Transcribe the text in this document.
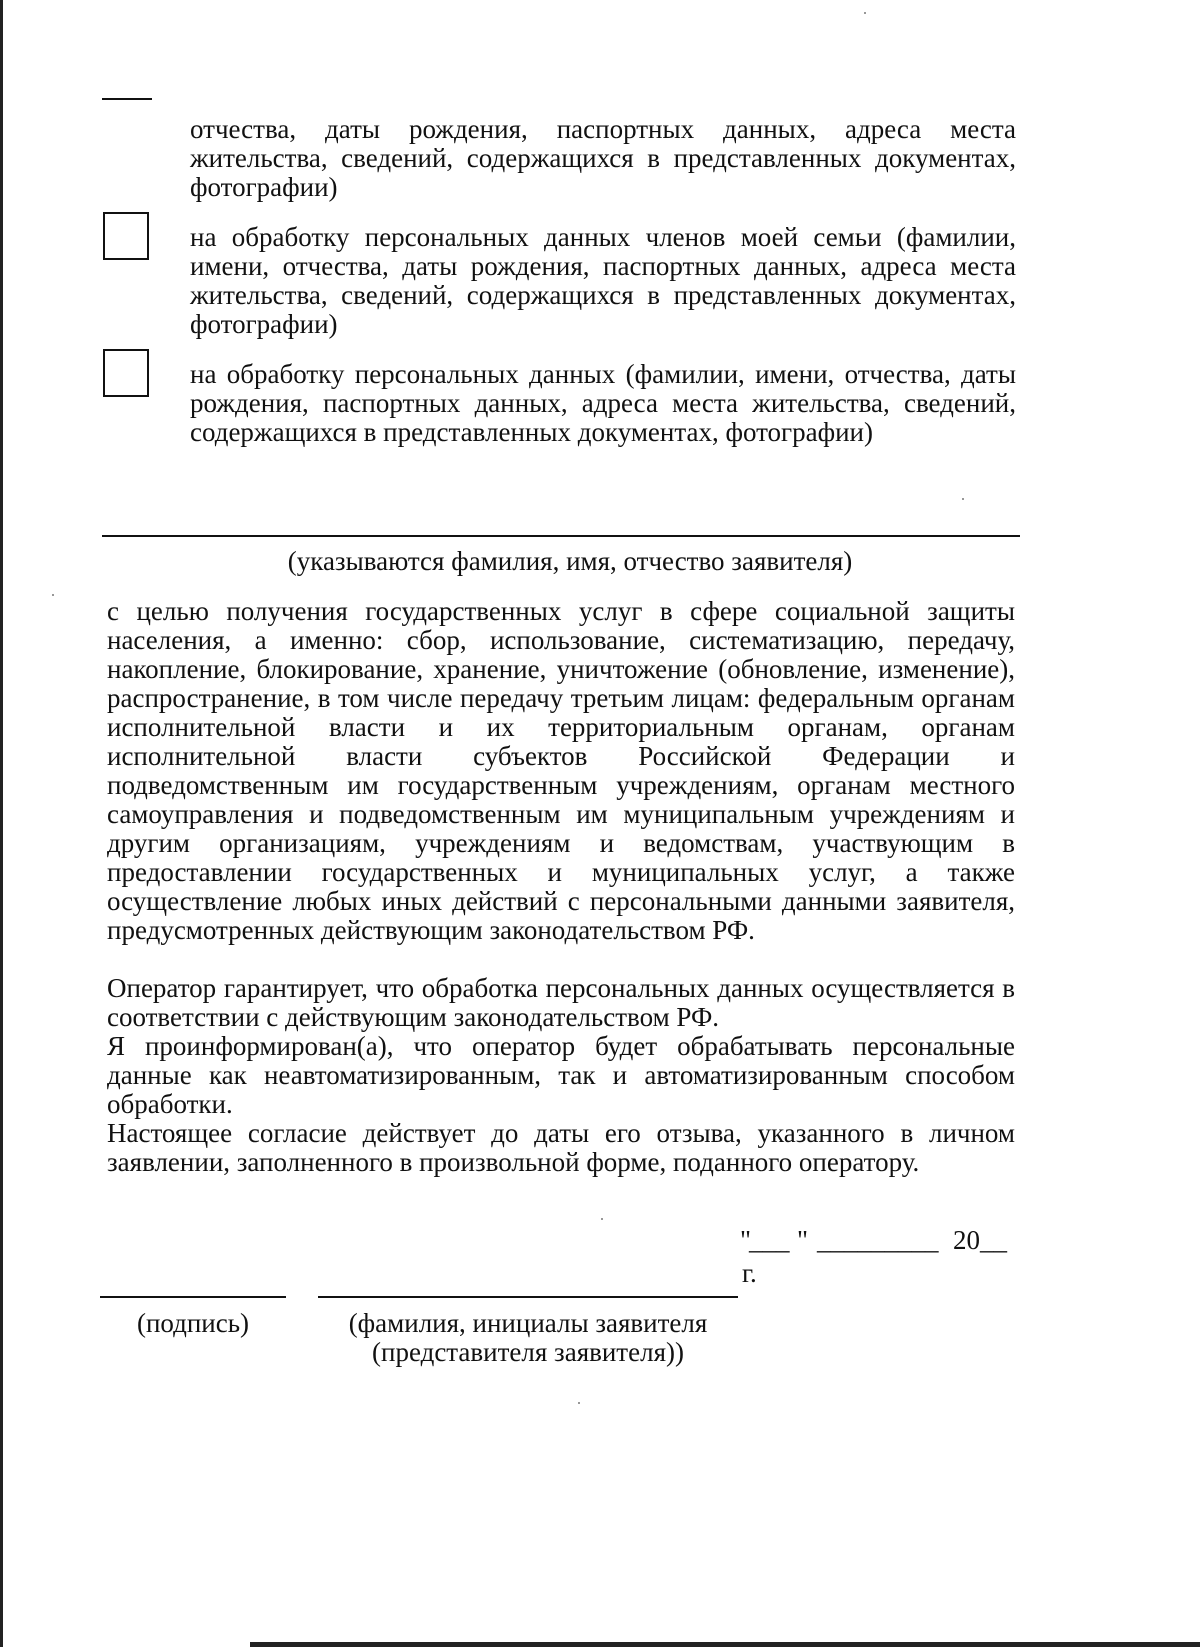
отчества, даты рождения, паспортных данных, адреса места жительства, сведений, содержащихся в представленных документах, фотографии)
на обработку персональных данных членов моей семьи (фамилии, имени, отчества, даты рождения, паспортных данных, адреса места жительства, сведений, содержащихся в представленных документах, фотографии)
на обработку персональных данных (фамилии, имени, отчества, даты рождения, паспортных данных, адреса места жительства, сведений, содержащихся в представленных документах, фотографии)
(указываются фамилия, имя, отчество заявителя)
с целью получения государственных услуг в сфере социальной защиты населения, а именно: сбор, использование, систематизацию, передачу, накопление, блокирование, хранение, уничтожение (обновление, изменение), распространение, в том числе передачу третьим лицам: федеральным органам исполнительной власти и их территориальным органам, органам исполнительной власти субъектов Российской Федерации и подведомственным им государственным учреждениям, органам местного самоуправления и подведомственным им муниципальным учреждениям и другим организациям, учреждениям и ведомствам, участвующим в предоставлении государственных и муниципальных услуг, а также осуществление любых иных действий с персональными данными заявителя, предусмотренных действующим законодательством РФ.
Оператор гарантирует, что обработка персональных данных осуществляется в соответствии с действующим законодательством РФ.
Я проинформирован(а), что оператор будет обрабатывать персональные данные как неавтоматизированным, так и автоматизированным способом обработки.
Настоящее согласие действует до даты его отзыва, указанного в личном заявлении, заполненного в произвольной форме, поданного оператору.
"
___ " _________ 20__
г.
(подпись)	(фамилия, инициалы заявителя
(представителя заявителя))
